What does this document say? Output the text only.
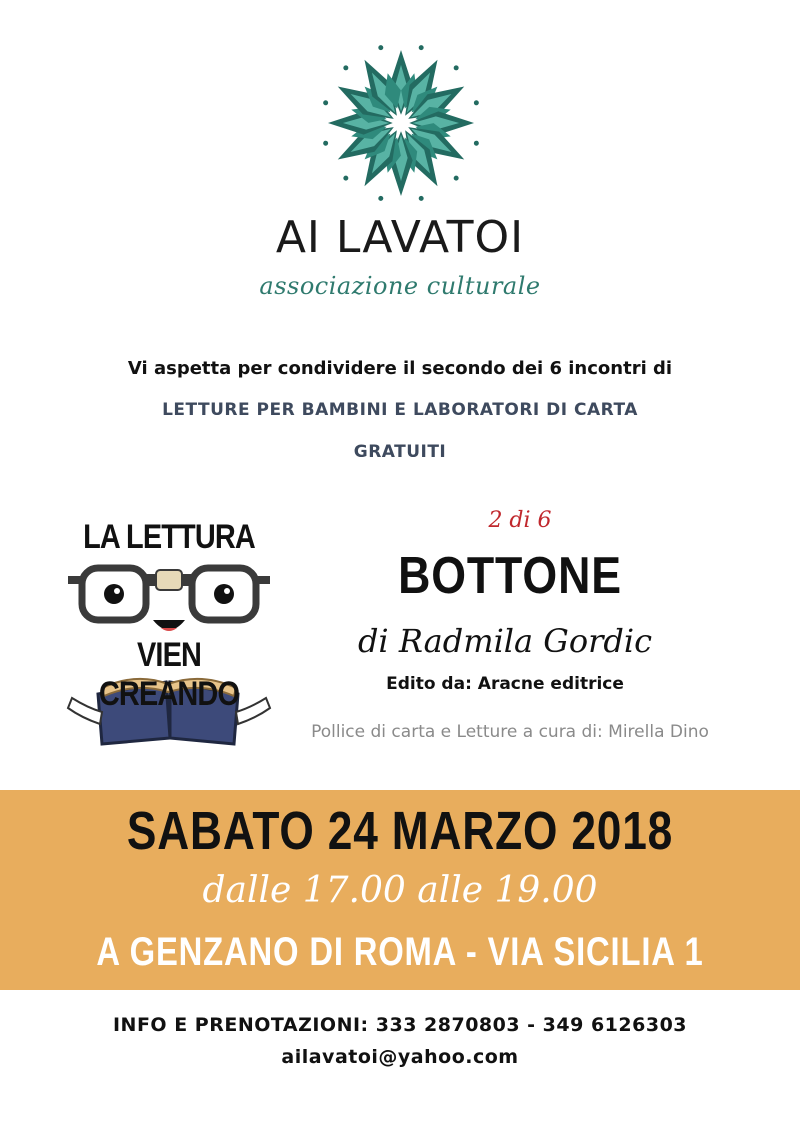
AI LAVATOI
associazione culturale
Vi aspetta per condividere il secondo dei 6 incontri di
LETTURE PER BAMBINI E LABORATORI DI CARTA
GRATUITI
LA LETTURA
VIEN CREANDO
2 di 6
BOTTONE
di Radmila Gordic
Edito da: Aracne editrice
Pollice di carta e Letture a cura di: Mirella Dino
SABATO 24 MARZO 2018
dalle 17.00 alle 19.00
A GENZANO DI ROMA - VIA SICILIA 1
INFO E PRENOTAZIONI: 333 2870803 - 349 6126303
ailavatoi@yahoo.com
